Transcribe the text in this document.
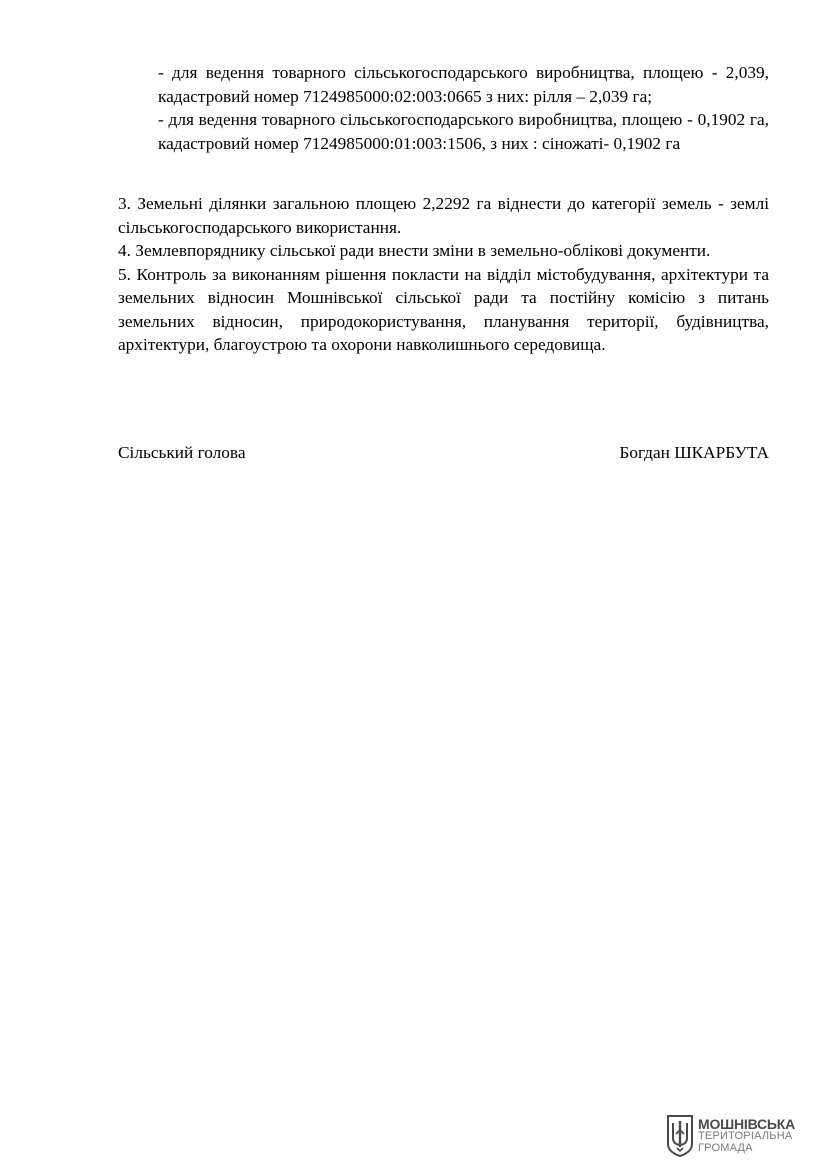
- для ведення товарного сільськогосподарського виробництва, площею - 2,039, кадастровий номер 7124985000:02:003:0665 з них: рілля – 2,039 га;

- для ведення товарного сільськогосподарського виробництва, площею - 0,1902 га, кадастровий номер 7124985000:01:003:1506, з них : сіножаті- 0,1902 га

3. Земельні ділянки загальною площею 2,2292 га віднести до категорії земель - землі сільськогосподарського використання.

4. Землевпоряднику сільської ради внести зміни в земельно-облікові документи.

5. Контроль за виконанням рішення покласти на відділ містобудування, архітектури та земельних відносин Мошнівської сільської ради та постійну комісію з питань земельних відносин, природокористування, планування території, будівництва, архітектури, благоустрою та охорони навколишнього середовища.

Сільський голова	Богдан ШКАРБУТА
МОШНІВСЬКА
ТЕРИТОРІАЛЬНА
ГРОМАДА
